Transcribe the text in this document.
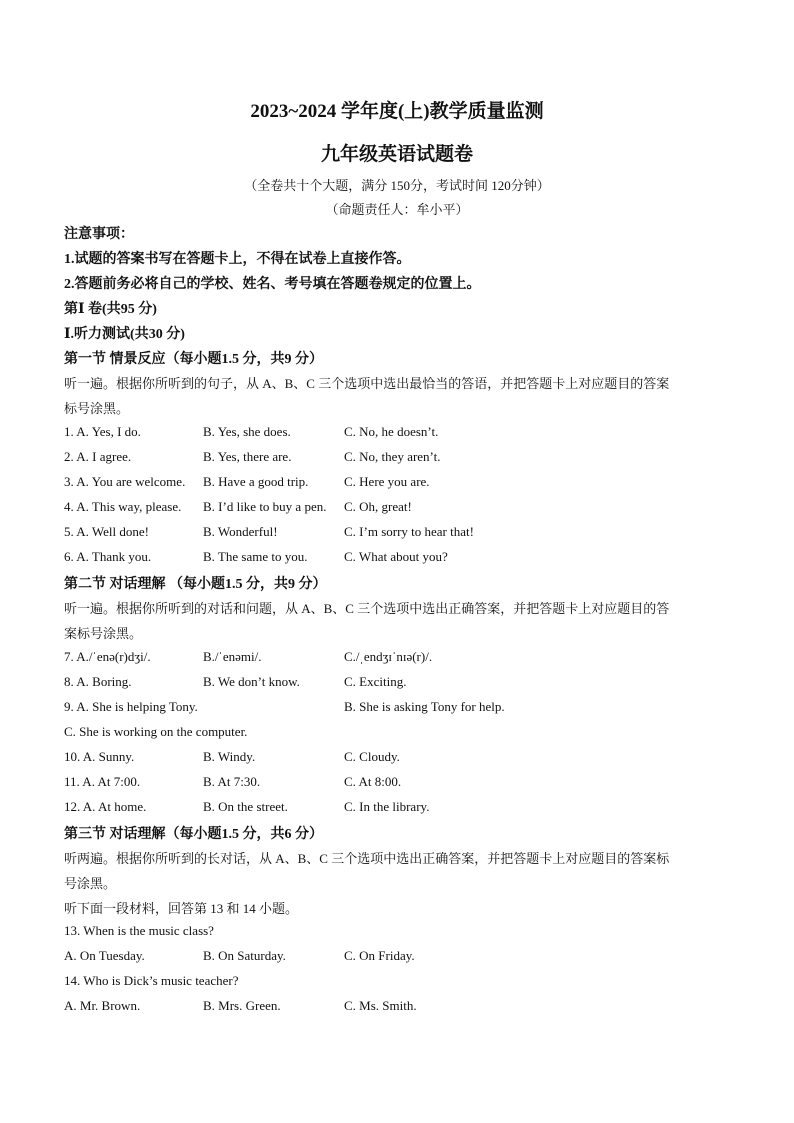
2023~2024 学年度(上)教学质量监测
九年级英语试题卷
（全卷共十个大题，满分 150分，考试时间 120分钟）
（命题责任人：牟小平）
注意事项：
1.试题的答案书写在答题卡上，不得在试卷上直接作答。
2.答题前务必将自己的学校、姓名、考号填在答题卷规定的位置上。
第Ⅰ 卷(共95 分)
Ⅰ.听力测试(共30 分)
第一节 情景反应（每小题1.5 分，共9 分）
听一遍。根据你所听到的句子，从 A、B、C 三个选项中选出最恰当的答语，并把答题卡上对应题目的答案
标号涂黑。
1. A. Yes, I do.	B. Yes, she does.	C. No, he doesn’t.
2. A. I agree.	B. Yes, there are.	C. No, they aren’t.
3. A. You are welcome. B. Have a good trip.	C. Here you are.
4. A. This way, please. B. I’d like to buy a pen. C. Oh, great!
5. A. Well done!	B. Wonderful!	C. I’m sorry to hear that!
6. A. Thank you.	B. The same to you.	C. What about you?
第二节 对话理解 （每小题1.5 分，共9 分）
听一遍。根据你所听到的对话和问题，从 A、B、C 三个选项中选出正确答案，并把答题卡上对应题目的答
案标号涂黑。
7. A./ˈenə(r)dʒi/.	B./ˈenəmi/.	C./ˌendʒɪˈnɪə(r)/.
8. A. Boring.	B. We don’t know.	C. Exciting.
9. A. She is helping Tony.	B. She is asking Tony for help.
C. She is working on the computer.
10. A. Sunny.	B. Windy.	C. Cloudy.
11. A. At 7:00.	B. At 7:30.	C. At 8:00.
12. A. At home.	B. On the street.	C. In the library.
第三节 对话理解（每小题1.5 分，共6 分）
听两遍。根据你所听到的长对话，从 A、B、C 三个选项中选出正确答案，并把答题卡上对应题目的答案标
号涂黑。
听下面一段材料，回答第 13 和 14 小题。
13. When is the music class?
A. On Tuesday.	B. On Saturday.	C. On Friday.
14. Who is Dick’s music teacher?
A. Mr. Brown.	B. Mrs. Green.	C. Ms. Smith.
